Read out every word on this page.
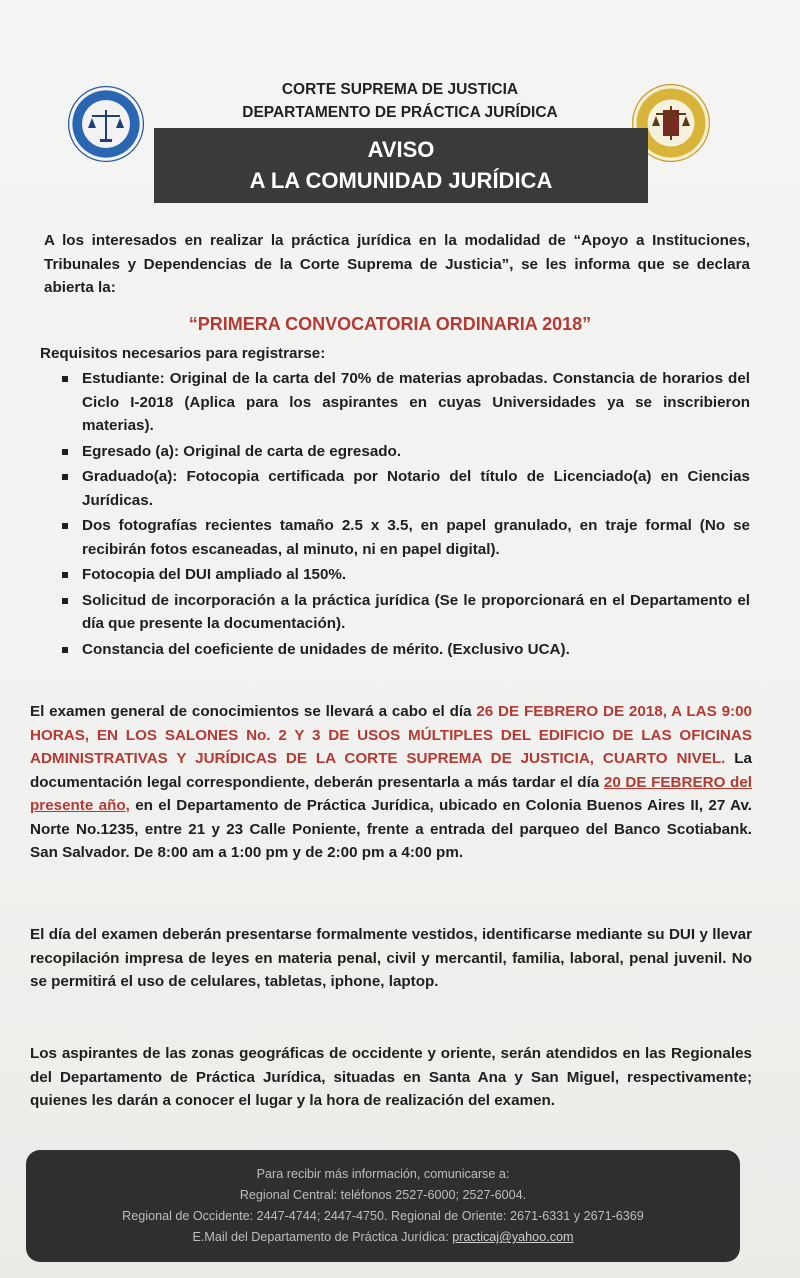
CORTE SUPREMA DE JUSTICIA
DEPARTAMENTO DE PRÁCTICA JURÍDICA
AVISO
A LA COMUNIDAD JURÍDICA
A los interesados en realizar la práctica jurídica en la modalidad de “Apoyo a Instituciones, Tribunales y Dependencias de la Corte Suprema de Justicia”, se les informa que se declara abierta la:
“PRIMERA CONVOCATORIA ORDINARIA 2018”
Requisitos necesarios para registrarse:
Estudiante: Original de la carta del 70% de materias aprobadas. Constancia de horarios del Ciclo I-2018 (Aplica para los aspirantes en cuyas Universidades ya se inscribieron materias).
Egresado (a): Original de carta de egresado.
Graduado(a): Fotocopia certificada por Notario del título de Licenciado(a) en Ciencias Jurídicas.
Dos fotografías recientes tamaño 2.5 x 3.5, en papel granulado, en traje formal (No se recibirán fotos escaneadas, al minuto, ni en papel digital).
Fotocopia del DUI ampliado al 150%.
Solicitud de incorporación a la práctica jurídica (Se le proporcionará en el Departamento el día que presente la documentación).
Constancia del coeficiente de unidades de mérito. (Exclusivo UCA).
El examen general de conocimientos se llevará a cabo el día 26 DE FEBRERO DE 2018, A LAS 9:00 HORAS, EN LOS SALONES No. 2 Y 3 DE USOS MÚLTIPLES DEL EDIFICIO DE LAS OFICINAS ADMINISTRATIVAS Y JURÍDICAS DE LA CORTE SUPREMA DE JUSTICIA, CUARTO NIVEL. La documentación legal correspondiente, deberán presentarla a más tardar el día 20 DE FEBRERO del presente año, en el Departamento de Práctica Jurídica, ubicado en Colonia Buenos Aires II, 27 Av. Norte No.1235, entre 21 y 23 Calle Poniente, frente a entrada del parqueo del Banco Scotiabank. San Salvador. De 8:00 am a 1:00 pm y de 2:00 pm a 4:00 pm.
El día del examen deberán presentarse formalmente vestidos, identificarse mediante su DUI y llevar recopilación impresa de leyes en materia penal, civil y mercantil, familia, laboral, penal juvenil. No se permitirá el uso de celulares, tabletas, iphone, laptop.
Los aspirantes de las zonas geográficas de occidente y oriente, serán atendidos en las Regionales del Departamento de Práctica Jurídica, situadas en Santa Ana y San Miguel, respectivamente; quienes les darán a conocer el lugar y la hora de realización del examen.
Para recibir más información, comunicarse a:
Regional Central: teléfonos 2527-6000; 2527-6004.
Regional de Occidente: 2447-4744; 2447-4750. Regional de Oriente: 2671-6331 y 2671-6369
E.Mail del Departamento de Práctica Jurídica: practicaj@yahoo.com
